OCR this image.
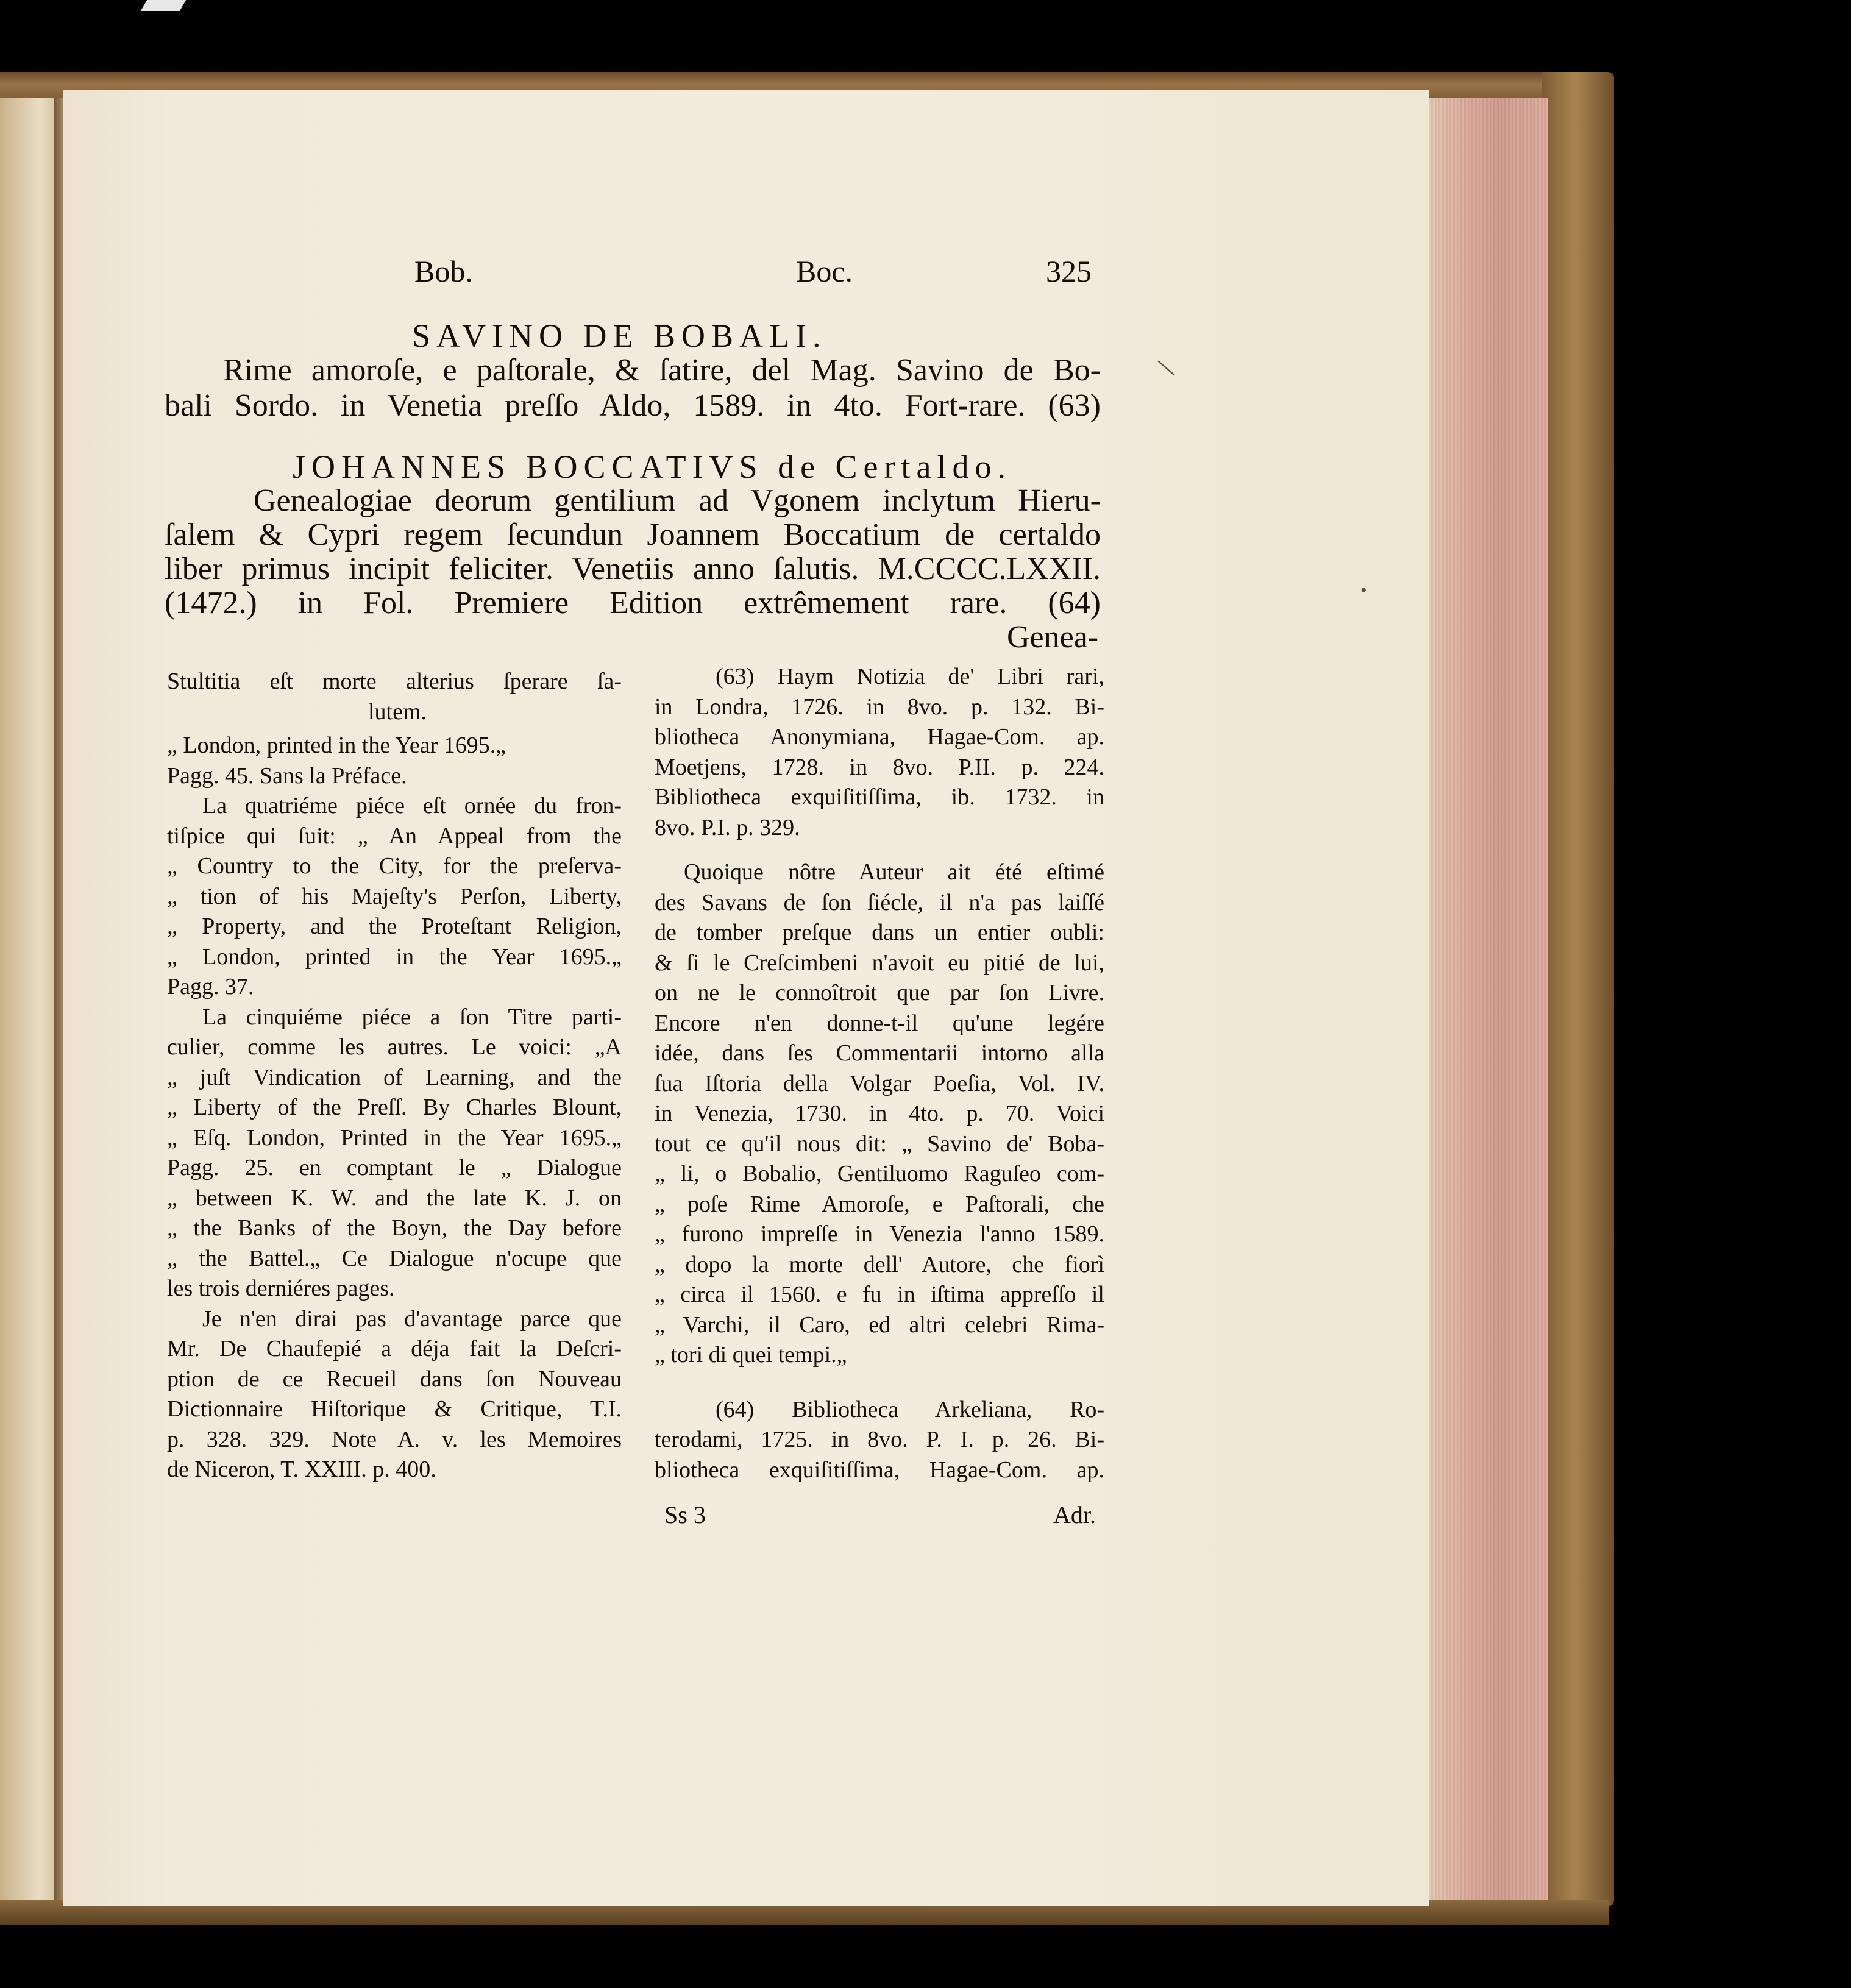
Bob.	Boc.	325
SAVINO DE BOBALI.
Rime amoroſe, e paſtorale, & ſatire, del Mag. Savino de Bo-
bali Sordo. in Venetia preſſo Aldo, 1589. in 4to. Fort-rare. (63)
JOHANNES BOCCATIVS de Certaldo.
Genealogiae deorum gentilium ad Vgonem inclytum Hieru-
ſalem & Cypri regem ſecundun Joannem Boccatium de certaldo
liber primus incipit feliciter. Venetiis anno ſalutis. M.CCCC.LXXII.
(1472.) in Fol. Premiere Edition extrêmement rare. (64)
Genea-
Stultitia eſt morte alterius ſperare ſa-
lutem.
„ London, printed in the Year 1695.„
Pagg. 45. Sans la Préface.
La quatriéme piéce eſt ornée du fron-
tiſpice qui ſuit: „ An Appeal from the
„ Country to the City, for the preſerva-
„ tion of his Majeſty's Perſon, Liberty,
„ Property, and the Proteſtant Religion,
„ London, printed in the Year 1695.„
Pagg. 37.
La cinquiéme piéce a ſon Titre parti-
culier, comme les autres. Le voici: „A
„ juſt Vindication of Learning, and the
„ Liberty of the Preſſ. By Charles Blount,
„ Eſq. London, Printed in the Year 1695.„
Pagg. 25. en comptant le „ Dialogue
„ between K. W. and the late K. J. on
„ the Banks of the Boyn, the Day before
„ the Battel.„ Ce Dialogue n'ocupe que
les trois derniéres pages.
Je n'en dirai pas d'avantage parce que
Mr. De Chaufepié a déja fait la Deſcri-
ption de ce Recueil dans ſon Nouveau
Dictionnaire Hiſtorique & Critique, T.I.
p. 328. 329. Note A. v. les Memoires
de Niceron, T. XXIII. p. 400.
(63) Haym Notizia de' Libri rari,
in Londra, 1726. in 8vo. p. 132. Bi-
bliotheca Anonymiana, Hagae-Com. ap.
Moetjens, 1728. in 8vo. P.II. p. 224.
Bibliotheca exquiſitiſſima, ib. 1732. in
8vo. P.I. p. 329.
Quoique nôtre Auteur ait été eſtimé
des Savans de ſon ſiécle, il n'a pas laiſſé
de tomber preſque dans un entier oubli:
& ſi le Creſcimbeni n'avoit eu pitié de lui,
on ne le connoîtroit que par ſon Livre.
Encore n'en donne-t-il qu'une legére
idée, dans ſes Commentarii intorno alla
ſua Iſtoria della Volgar Poeſia, Vol. IV.
in Venezia, 1730. in 4to. p. 70. Voici
tout ce qu'il nous dit: „ Savino de' Boba-
„ li, o Bobalio, Gentiluomo Raguſeo com-
„ poſe Rime Amoroſe, e Paſtorali, che
„ furono impreſſe in Venezia l'anno 1589.
„ dopo la morte dell' Autore, che fiorì
„ circa il 1560. e fu in iſtima appreſſo il
„ Varchi, il Caro, ed altri celebri Rima-
„ tori di quei tempi.„
(64) Bibliotheca Arkeliana, Ro-
terodami, 1725. in 8vo. P. I. p. 26. Bi-
bliotheca exquiſitiſſima, Hagae-Com. ap.
Ss 3	Adr.
\
•
